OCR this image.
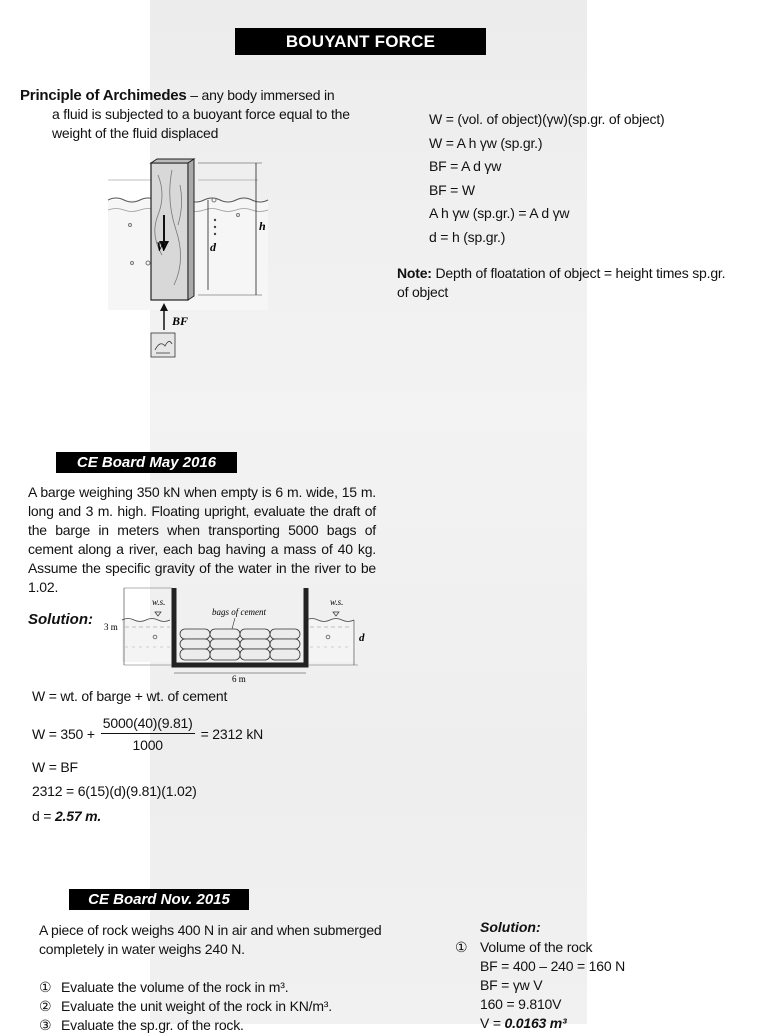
BOUYANT FORCE
Principle of Archimedes – any body immersed in
a fluid is subjected to a buoyant force equal to the
weight of the fluid displaced
W	d
h
BF
W = (vol. of object)(γw)(sp.gr. of object)
W = A h γw (sp.gr.)
BF = A d γw
BF = W
A h γw (sp.gr.) = A d γw
d = h (sp.gr.)
Note: Depth of floatation of object = height times sp.gr.
of object
CE Board May 2016
A barge weighing 350 kN when empty is 6 m. wide, 15 m.
long and 3 m. high. Floating upright, evaluate the draft of
the barge in meters when transporting 5000 bags of
cement along a river, each bag having a mass of 40 kg.
Assume the specific gravity of the water in the river to be
1.02.
Solution:
w.s.	w.s.
bags of cement
3 m
d
6 m
W = wt. of barge + wt. of cement
$W = 350 + \frac{5000(40)(9.81)}{1000} = 2312$ kN
W = BF
2312 = 6(15)(d)(9.81)(1.02)
d = 2.57 m.
CE Board Nov. 2015
A piece of rock weighs 400 N in air and when submerged
completely in water weighs 240 N.
① Evaluate the volume of the rock in m³.
② Evaluate the unit weight of the rock in KN/m³.
③ Evaluate the sp.gr. of the rock.
Solution:
① Volume of the rock
BF = 400 – 240 = 160 N
BF = γw V
160 = 9.810V
V = 0.0163 m³
